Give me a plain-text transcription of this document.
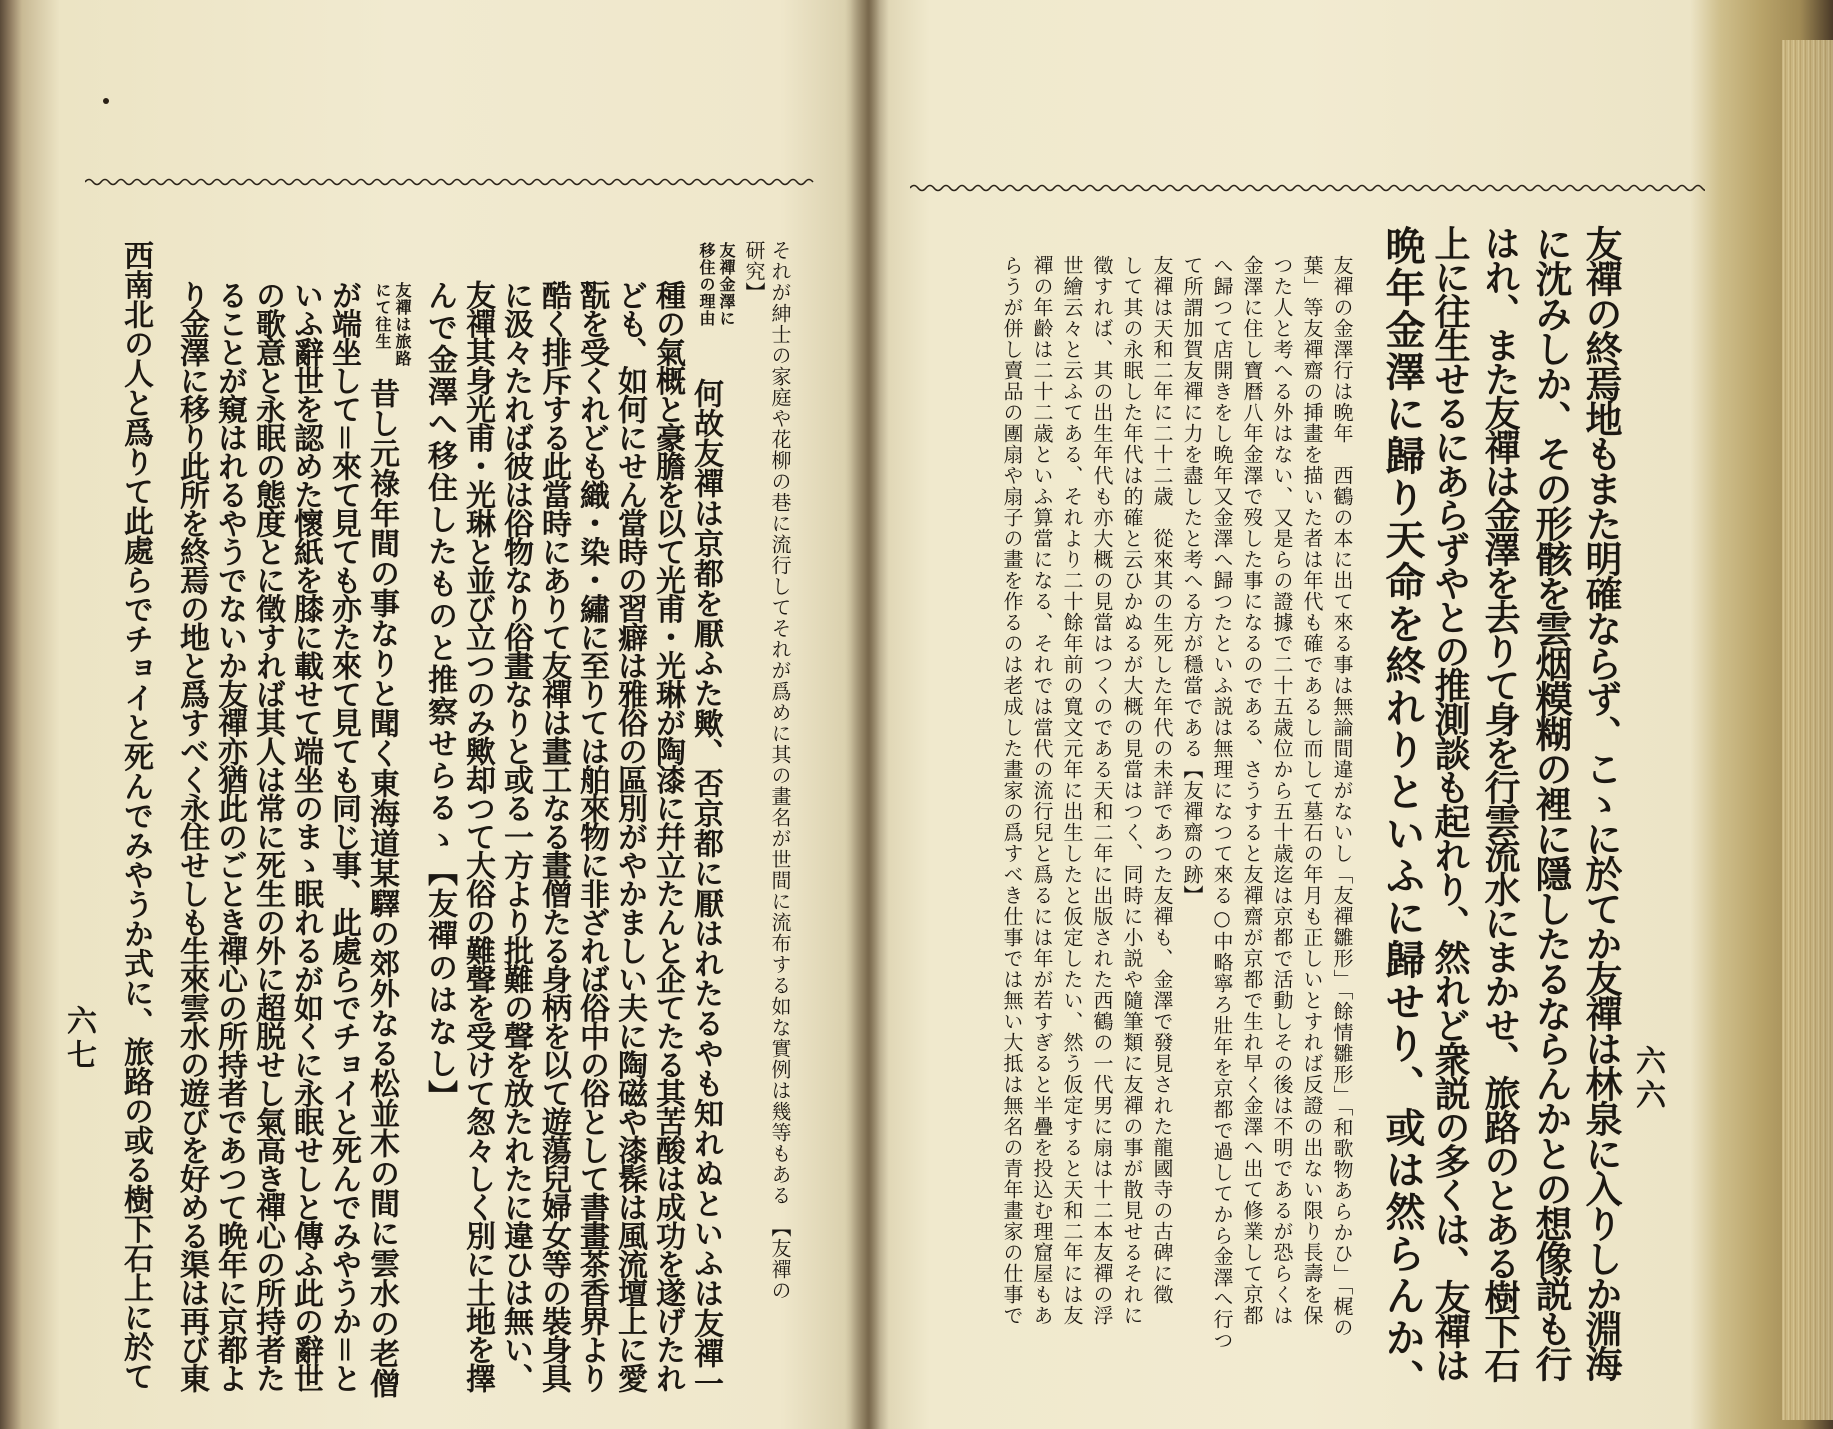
それが紳士の家庭や花柳の巷に流行してそれが爲めに其の畫名が世間に流布する如な實例は幾等もある　【友禪の
研究】
友禪金澤に
移住の理由
何故友禪は京都を厭ふた歟、否京都に厭はれたるやも知れぬといふは友禪一
種の氣概と豪膽を以て光甫・光琳が陶漆に幷立たんと企てたる其苦酸は成功を遂げたれ
ども、如何にせん當時の習癖は雅俗の區別がやかましい夫に陶磁や漆髹は風流壇上に愛
翫を受くれども織・染・繡に至りては舶來物に非ざれば俗中の俗として書畫茶香界より
酷く排斥する此當時にありて友禪は畫工なる畫僧たる身柄を以て遊蕩兒婦女等の裝身具
に汲々たれば彼は俗物なり俗畫なりと或る一方より批難の聲を放たれたに違ひは無い、
友禪其身光甫・光琳と並び立つのみ歟却つて大俗の難聲を受けて怱々しく別に土地を擇
んで金澤へ移住したものと推察せらるゝ【友禪のはなし】
友禪は旅路
にて往生
昔し元祿年間の事なりと聞く東海道某驛の郊外なる松並木の間に雲水の老僧
が端坐して＝來て見ても亦た來て見ても同じ事、此處らでチョイと死んでみやうか＝と
いふ辭世を認めた懷紙を膝に載せて端坐のまゝ眠れるが如くに永眠せしと傳ふ此の辭世
の歌意と永眠の態度とに徵すれば其人は常に死生の外に超脱せし氣高き禪心の所持者た
ることが窺はれるやうでないか友禪亦猶此のごとき禪心の所持者であつて晩年に京都よ
り金澤に移り此所を終焉の地と爲すべく永住せしも生來雲水の遊びを好める渠は再び東
西南北の人と爲りて此處らでチョイと死んでみやうか式に、旅路の或る樹下石上に於て
六七	友禪の終焉地もまた明確ならず、こゝに於てか友禪は林泉に入りしか淵海
に沈みしか、その形骸を雲烟糢糊の裡に隱したるならんかとの想像説も行
はれ、また友禪は金澤を去りて身を行雲流水にまかせ、旅路のとある樹下石
上に往生せるにあらずやとの推測談も起れり、然れど衆説の多くは、友禪は
晩年金澤に歸り天命を終れりといふに歸せり、或は然らんか、
友禪の金澤行は晩年　西鶴の本に出て來る事は無論間違がないし「友禪雛形」「餘情雛形」「和歌物あらかひ」「梶の
葉」等友禪齋の挿畫を描いた者は年代も確であるし而して墓石の年月も正しいとすれば反證の出ない限り長壽を保
つた人と考へる外はない、又是らの證據で二十五歳位から五十歳迄は京都で活動しその後は不明であるが恐らくは
金澤に住し寶暦八年金澤で歿した事になるのである、さうすると友禪齋が京都で生れ早く金澤へ出て修業して京都
へ歸つて店開きをし晩年又金澤へ歸つたといふ説は無理になつて來る○中略寧ろ壯年を京都で過してから金澤へ行つ
て所謂加賀友禪に力を盡したと考へる方が穩當である【友禪齋の跡】
友禪は天和二年に二十二歳　從來其の生死した年代の未詳であつた友禪も、金澤で發見された龍國寺の古碑に徵
して其の永眠した年代は的確と云ひかぬるが大概の見當はつく、同時に小説や隨筆類に友禪の事が散見せるそれに
徵すれば、其の出生年代も亦大概の見當はつくのである天和二年に出版された西鶴の一代男に扇は十二本友禪の浮
世繪云々と云ふてある、それより二十餘年前の寬文元年に出生したと仮定したい、然う仮定すると天和二年には友
禪の年齡は二十二歳といふ算當になる、それでは當代の流行兒と爲るには年が若すぎると半疊を投込む理窟屋もあ
らうが併し賣品の團扇や扇子の畫を作るのは老成した畫家の爲すべき仕事では無い大抵は無名の青年畫家の仕事で	六六
